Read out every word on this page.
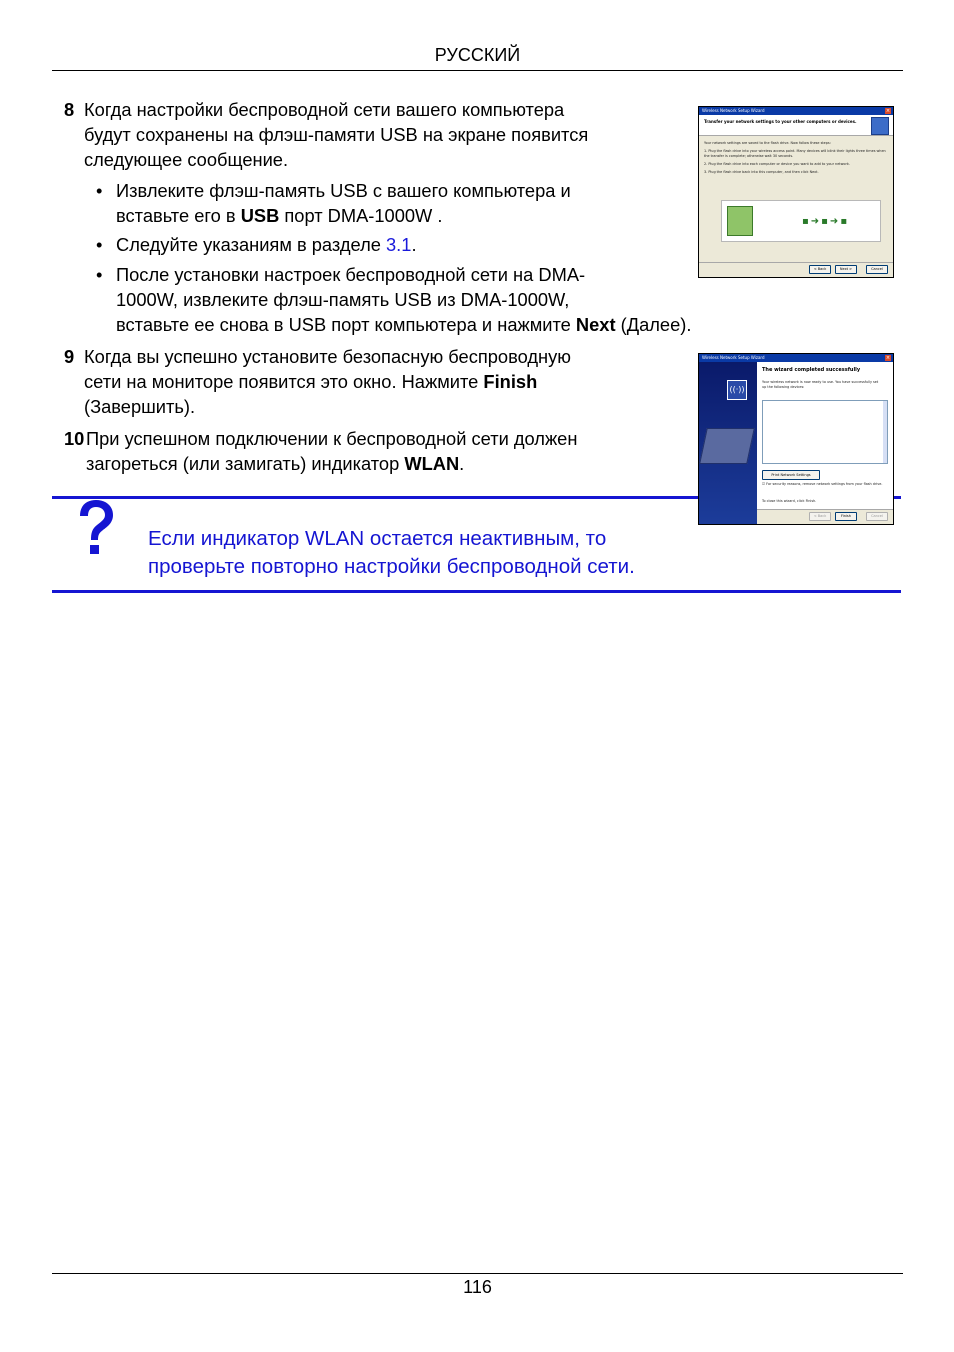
РУССКИЙ
8 Когда настройки беспроводной сети вашего компьютера
будут сохранены на флэш-памяти USB на экране появится
следующее сообщение.
• Извлеките флэш-память USB с вашего компьютера и
вставьте его в USB порт DMA-1000W .
• Следуйте указаниям в разделе 3.1.
• После установки настроек беспроводной сети на DMA-
1000W, извлеките флэш-память USB из DMA-1000W,
вставьте ее снова в USB порт компьютера и нажмите Next (Далее).
9 Когда вы успешно установите безопасную беспроводную
сети на мониторе появится это окно. Нажмите Finish
(Завершить).
10 При успешном подключении к беспроводной сети должен
загореться (или замигать) индикатор WLAN.
Если индикатор WLAN остается неактивным, то
проверьте повторно настройки беспроводной сети.
Wireless Network Setup Wizard	×
Transfer your network settings to your other computers or devices.

Your network settings are saved to the flash drive. Now follow these steps:

1. Plug the flash drive into your wireless access point. Many devices will blink their lights three times when the transfer is complete; otherwise wait 30 seconds.

2. Plug the flash drive into each computer or device you want to add to your network.

3. Plug the flash drive back into this computer, and then click Next.

▪➜▪➜▪
< Back	Next >	Cancel
Wireless Network Setup Wizard	×
((·))
The wizard completed successfully
Your wireless network is now ready to use. You have successfully set up the following devices:
Print Network Settings
☑ For security reasons, remove network settings from your flash drive.
To close this wizard, click Finish.
< Back	Finish	Cancel
116
